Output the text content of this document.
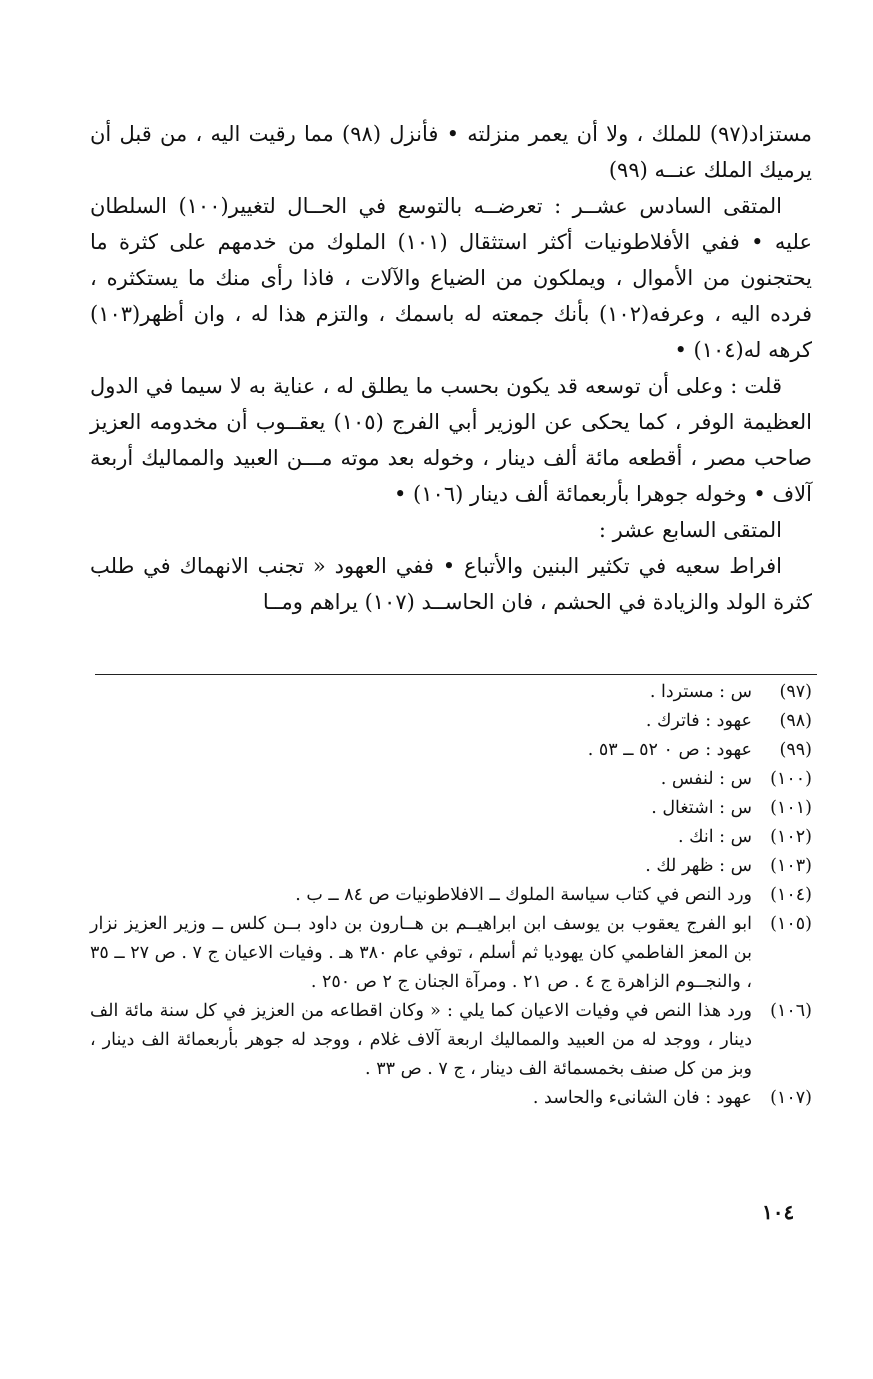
مستزاد(٩٧) للملك ، ولا أن يعمر منزلته • فأنزل (٩٨) مما رقيت اليه ، من قبل أن يرميك الملك عنــه (٩٩)

المتقى السادس عشــر : تعرضــه بالتوسع في الحــال لتغيير(١٠٠) السلطان عليه • ففي الأفلاطونيات أكثر استثقال (١٠١) الملوك من خدمهم على كثرة ما يحتجنون من الأموال ، ويملكون من الضياع والآلات ، فاذا رأى منك ما يستكثره ، فرده اليه ، وعرفه(١٠٢) بأنك جمعته له باسمك ، والتزم هذا له ، وان أظهر(١٠٣) كرهه له(١٠٤) •

قلت : وعلى أن توسعه قد يكون بحسب ما يطلق له ، عناية به لا سيما في الدول العظيمة الوفر ، كما يحكى عن الوزير أبي الفرج (١٠٥) يعقــوب أن مخدومه العزيز صاحب مصر ، أقطعه مائة ألف دينار ، وخوله بعد موته مـــن العبيد والمماليك أربعة آلاف • وخوله جوهرا بأربعمائة ألف دينار (١٠٦) •

المتقى السابع عشر :

افراط سعيه في تكثير البنين والأتباع • ففي العهود « تجنب الانهماك في طلب كثرة الولد والزيادة في الحشم ، فان الحاســد (١٠٧) يراهم ومــا

(٩٧)
س : مستردا .
(٩٨)
عهود : فاترك .
(٩٩)
عهود : ص ٠ ٥٢ ــ ٥٣ .
(١٠٠)
س : لنفس .
(١٠١)
س : اشتغال .
(١٠٢)
س : انك .
(١٠٣)
س : ظهر لك .
(١٠٤)
ورد النص في كتاب سياسة الملوك ــ الافلاطونيات ص ٨٤ ــ ب .
(١٠٥)
ابو الفرج يعقوب بن يوسف ابن ابراهيــم بن هــارون بن داود بــن كلس ــ وزير العزيز نزار بن المعز الفاطمي كان يهوديا ثم أسلم ، توفي عام ٣٨٠ هـ . وفيات الاعيان ج ٧ . ص ٢٧ ــ ٣٥ ، والنجــوم الزاهرة ج ٤ . ص ٢١ . ومرآة الجنان ج ٢ ص ٢٥٠ .
(١٠٦)
ورد هذا النص في وفيات الاعيان كما يلي : « وكان اقطاعه من العزيز في كل سنة مائة الف دينار ، ووجد له من العبيد والمماليك اربعة آلاف غلام ، ووجد له جوهر بأربعمائة الف دينار ، وبز من كل صنف بخمسمائة الف دينار ، ج ٧ . ص ٣٣ .
(١٠٧)
عهود : فان الشانىء والحاسد .
١٠٤
